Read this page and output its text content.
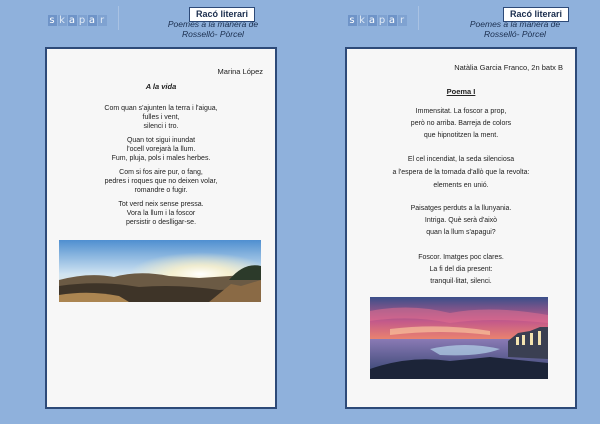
s k a p a r
Racó literari
Poemes a la manera de
Rosselló- Pòrcel
Marina López
A la vida
Com quan s'ajunten la terra i l'aigua,
fulles i vent,
silenci i tro.
Quan tot sigui inundat
l'ocell vorejarà la llum.
Fum, pluja, pols i males herbes.
Com si fos aire pur, o fang,
pedres i roques que no deixen volar,
romandre o fugir.
Tot verd neix sense pressa.
Vora la llum i la foscor
persistir o deslligar-se.
s k a p a r
Racó literari
Poemes a la manera de
Rosselló- Pòrcel
Natàlia Garcia Franco, 2n batx B
Poema I
Immensitat. La foscor a prop,
però no arriba. Barreja de colors
que hipnotitzen la ment.
El cel incendiat, la seda silenciosa
a l'espera de la tornada d'allò que la revolta:
elements en unió.
Paisatges perduts a la llunyania.
Intriga. Què serà d'això
quan la llum s'apagui?
Foscor. Imatges poc clares.
La fi del dia present:
tranquil·litat, silenci.
